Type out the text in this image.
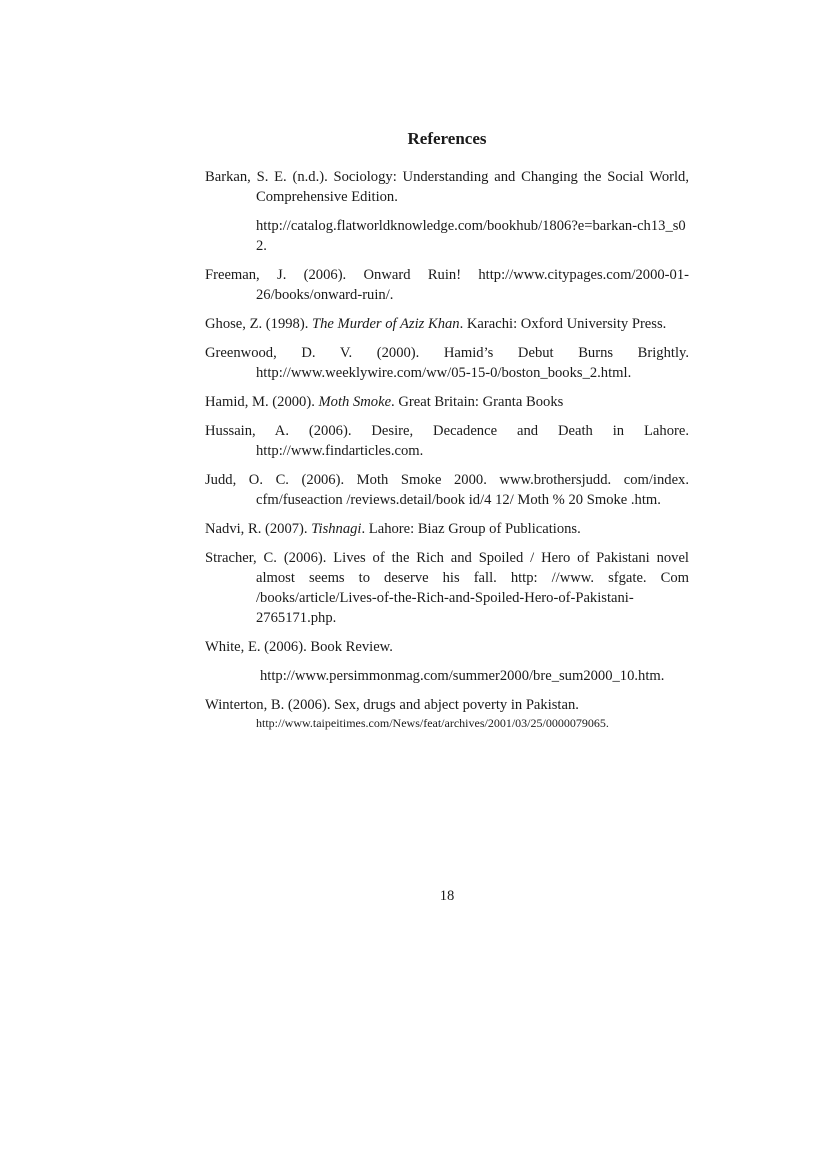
References

Barkan, S. E. (n.d.). Sociology: Understanding and Changing the Social World, Comprehensive Edition.

http://catalog.flatworldknowledge.com/bookhub/1806?e=barkan-ch13_s02.

Freeman, J. (2006). Onward Ruin! http://www.citypages.com/2000-01-26/books/onward-ruin/.

Ghose, Z. (1998). The Murder of Aziz Khan. Karachi: Oxford University Press.

Greenwood, D. V. (2000). Hamid’s Debut Burns Brightly. http://www.weeklywire.com/ww/05-15-0/boston_books_2.html.

Hamid, M. (2000). Moth Smoke. Great Britain: Granta Books

Hussain, A. (2006). Desire, Decadence and Death in Lahore. http://www.findarticles.com.

Judd, O. C. (2006). Moth Smoke 2000. www.brothersjudd. com/index. cfm/fuseaction /reviews.detail/book id/4 12/ Moth % 20 Smoke .htm.

Nadvi, R. (2007). Tishnagi. Lahore: Biaz Group of Publications.

Stracher, C. (2006). Lives of the Rich and Spoiled / Hero of Pakistani novel almost seems to deserve his fall. http: //www. sfgate. Com /books/article/Lives-of-the-Rich-and-Spoiled-Hero-of-Pakistani-2765171.php.

White, E. (2006). Book Review.

http://www.persimmonmag.com/summer2000/bre_sum2000_10.htm.

Winterton, B. (2006). Sex, drugs and abject poverty in Pakistan.

http://www.taipeitimes.com/News/feat/archives/2001/03/25/0000079065.

18
